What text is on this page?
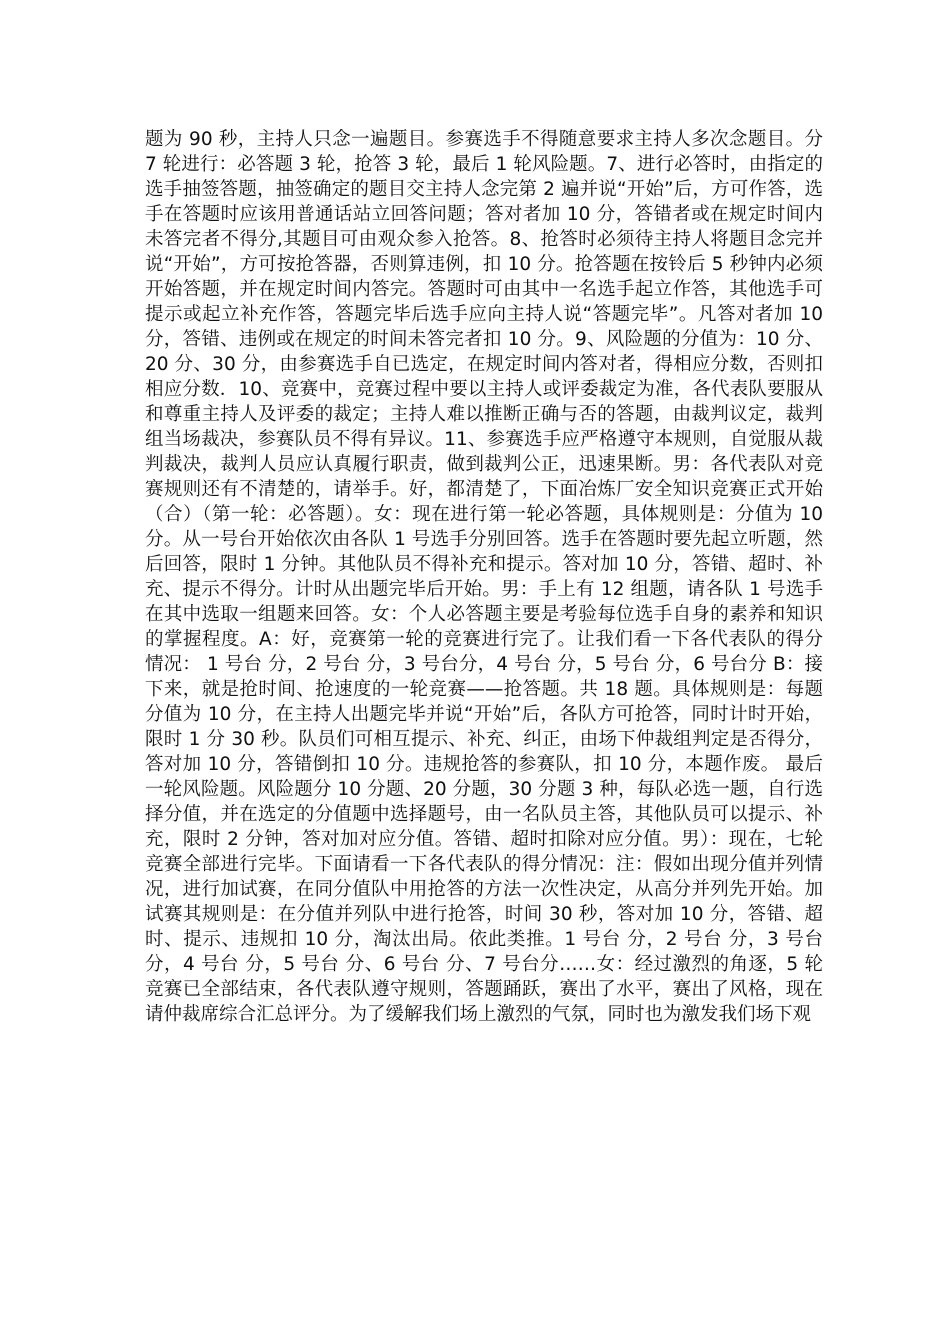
题为 90 秒，主持人只念一遍题目。参赛选手不得随意要求主持人多次念题目。分 7 轮进行：必答题 3 轮，抢答 3 轮，最后 1 轮风险题。7、进行必答时，由指定的选手抽签答题，抽签确定的题目交主持人念完第 2 遍并说“开始”后，方可作答，选手在答题时应该用普通话站立回答问题；答对者加 10 分，答错者或在规定时间内未答完者不得分,其题目可由观众参入抢答。8、抢答时必须待主持人将题目念完并说“开始”，方可按抢答器，否则算违例，扣 10 分。抢答题在按铃后 5 秒钟内必须开始答题，并在规定时间内答完。答题时可由其中一名选手起立作答，其他选手可提示或起立补充作答，答题完毕后选手应向主持人说“答题完毕”。凡答对者加 10 分，答错、违例或在规定的时间未答完者扣 10 分。9、风险题的分值为：10 分、20 分、30 分，由参赛选手自已选定，在规定时间内答对者，得相应分数，否则扣相应分数．10、竞赛中，竞赛过程中要以主持人或评委裁定为准，各代表队要服从和尊重主持人及评委的裁定；主持人难以推断正确与否的答题，由裁判议定，裁判组当场裁决，参赛队员不得有异议。11、参赛选手应严格遵守本规则，自觉服从裁判裁决，裁判人员应认真履行职责，做到裁判公正，迅速果断。男：各代表队对竞赛规则还有不清楚的，请举手。好，都清楚了，下面冶炼厂安全知识竞赛正式开始（合）（第一轮：必答题）。女：现在进行第一轮必答题，具体规则是：分值为 10 分。从一号台开始依次由各队 1 号选手分别回答。选手在答题时要先起立听题，然后回答，限时 1 分钟。其他队员不得补充和提示。答对加 10 分，答错、超时、补充、提示不得分。计时从出题完毕后开始。男：手上有 12 组题，请各队 1 号选手在其中选取一组题来回答。女：个人必答题主要是考验每位选手自身的素养和知识的掌握程度。A：好，竞赛第一轮的竞赛进行完了。让我们看一下各代表队的得分情况： 1 号台 分，2 号台 分，3 号台分，4 号台 分，5 号台 分，6 号台分 B：接下来，就是抢时间、抢速度的一轮竞赛——抢答题。共 18 题。具体规则是：每题分值为 10 分，在主持人出题完毕并说“开始”后，各队方可抢答，同时计时开始，限时 1 分 30 秒。队员们可相互提示、补充、纠正，由场下仲裁组判定是否得分，答对加 10 分，答错倒扣 10 分。违规抢答的参赛队，扣 10 分，本题作废。 最后一轮风险题。风险题分 10 分题、20 分题，30 分题 3 种，每队必选一题，自行选择分值，并在选定的分值题中选择题号，由一名队员主答，其他队员可以提示、补充，限时 2 分钟，答对加对应分值。答错、超时扣除对应分值。男）：现在，七轮竞赛全部进行完毕。下面请看一下各代表队的得分情况：注：假如出现分值并列情况，进行加试赛，在同分值队中用抢答的方法一次性决定，从高分并列先开始。加试赛其规则是：在分值并列队中进行抢答，时间 30 秒，答对加 10 分，答错、超时、提示、违规扣 10 分，淘汰出局。依此类推。1 号台 分，2 号台 分，3 号台 分，4 号台 分，5 号台 分、6 号台 分、7 号台分……女：经过激烈的角逐，5 轮竞赛已全部结束，各代表队遵守规则，答题踊跃，赛出了水平，赛出了风格，现在请仲裁席综合汇总评分。为了缓解我们场上激烈的气氛，同时也为激发我们场下观
